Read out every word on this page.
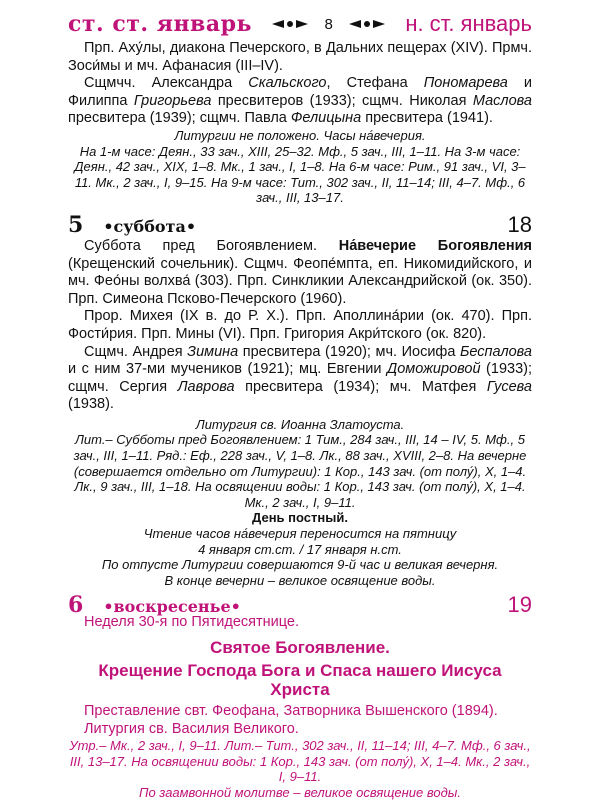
ст. ст. январь	8	н. ст. январь

Прп. Аху́лы, диакона Печерского, в Дальних пещерах (XIV). Прмч. Зоси́мы и мч. Афанасия (III–IV).

Сщмчч. Александра Скальского, Стефана Пономарева и Филиппа Григорьева пресвитеров (1933); сщмч. Николая Маслова пресвитера (1939); сщмч. Павла Фелицына пресвитера (1941).

Литургии не положено. Часы на́вечерия.

На 1-м часе: Деян., 33 зач., XIII, 25–32. Мф., 5 зач., III, 1–11. На 3-м часе: Деян., 42 зач., XIX, 1–8. Мк., 1 зач., I, 1–8. На 6-м часе: Рим., 91 зач., VI, 3–11. Мк., 2 зач., I, 9–15. На 9-м часе: Тит., 302 зач., II, 11–14; III, 4–7. Мф., 6 зач., III, 13–17.

5 •суббота•	18

Суббота пред Богоявлением. На́вечерие Богоявления (Крещенский сочельник). Сщмч. Феопе́мпта, еп. Никомидийского, и мч. Фео́ны волхва́ (303). Прп. Синкликии Александрийской (ок. 350). Прп. Симеона Псково-Печерского (1960).

Прор. Михея (IX в. до Р. Х.). Прп. Аполлина́рии (ок. 470). Прп. Фости́рия. Прп. Мины (VI). Прп. Григория Акри́тского (ок. 820).

Сщмч. Андрея Зимина пресвитера (1920); мч. Иосифа Беспалова и с ним 37-ми мучеников (1921); мц. Евгении Доможировой (1933); сщмч. Сергия Лаврова пресвитера (1934); мч. Матфея Гусева (1938).

Литургия св. Иоанна Златоуста.

Лит.– Субботы пред Богоявлением: 1 Тим., 284 зач., III, 14 – IV, 5. Мф., 5 зач., III, 1–11. Ряд.: Еф., 228 зач., V, 1–8. Лк., 88 зач., XVIII, 2–8. На вечерне (совершается отдельно от Литургии): 1 Кор., 143 зач. (от полу́), X, 1–4. Лк., 9 зач., III, 1–18. На освящении воды: 1 Кор., 143 зач. (от полу́), X, 1–4. Мк., 2 зач., I, 9–11.

День постный.

Чтение часов на́вечерия переносится на пятницу

4 января ст.ст. / 17 января н.ст.

По отпусте Литургии совершаются 9-й час и великая вечерня.

В конце вечерни – великое освящение воды.

6 •воскресенье•	19

Неделя 30-я по Пятидесятнице.

Святое Богоявление.

Крещение Господа Бога и Спаса нашего Иисуса Христа

Преставление свт. Феофана, Затворника Вышенского (1894).

Литургия св. Василия Великого.

Утр.– Мк., 2 зач., I, 9–11. Лит.– Тит., 302 зач., II, 11–14; III, 4–7. Мф., 6 зач., III, 13–17. На освящении воды: 1 Кор., 143 зач. (от полу́), X, 1–4. Мк., 2 зач., I, 9–11.

По заамвонной молитве – великое освящение воды.
